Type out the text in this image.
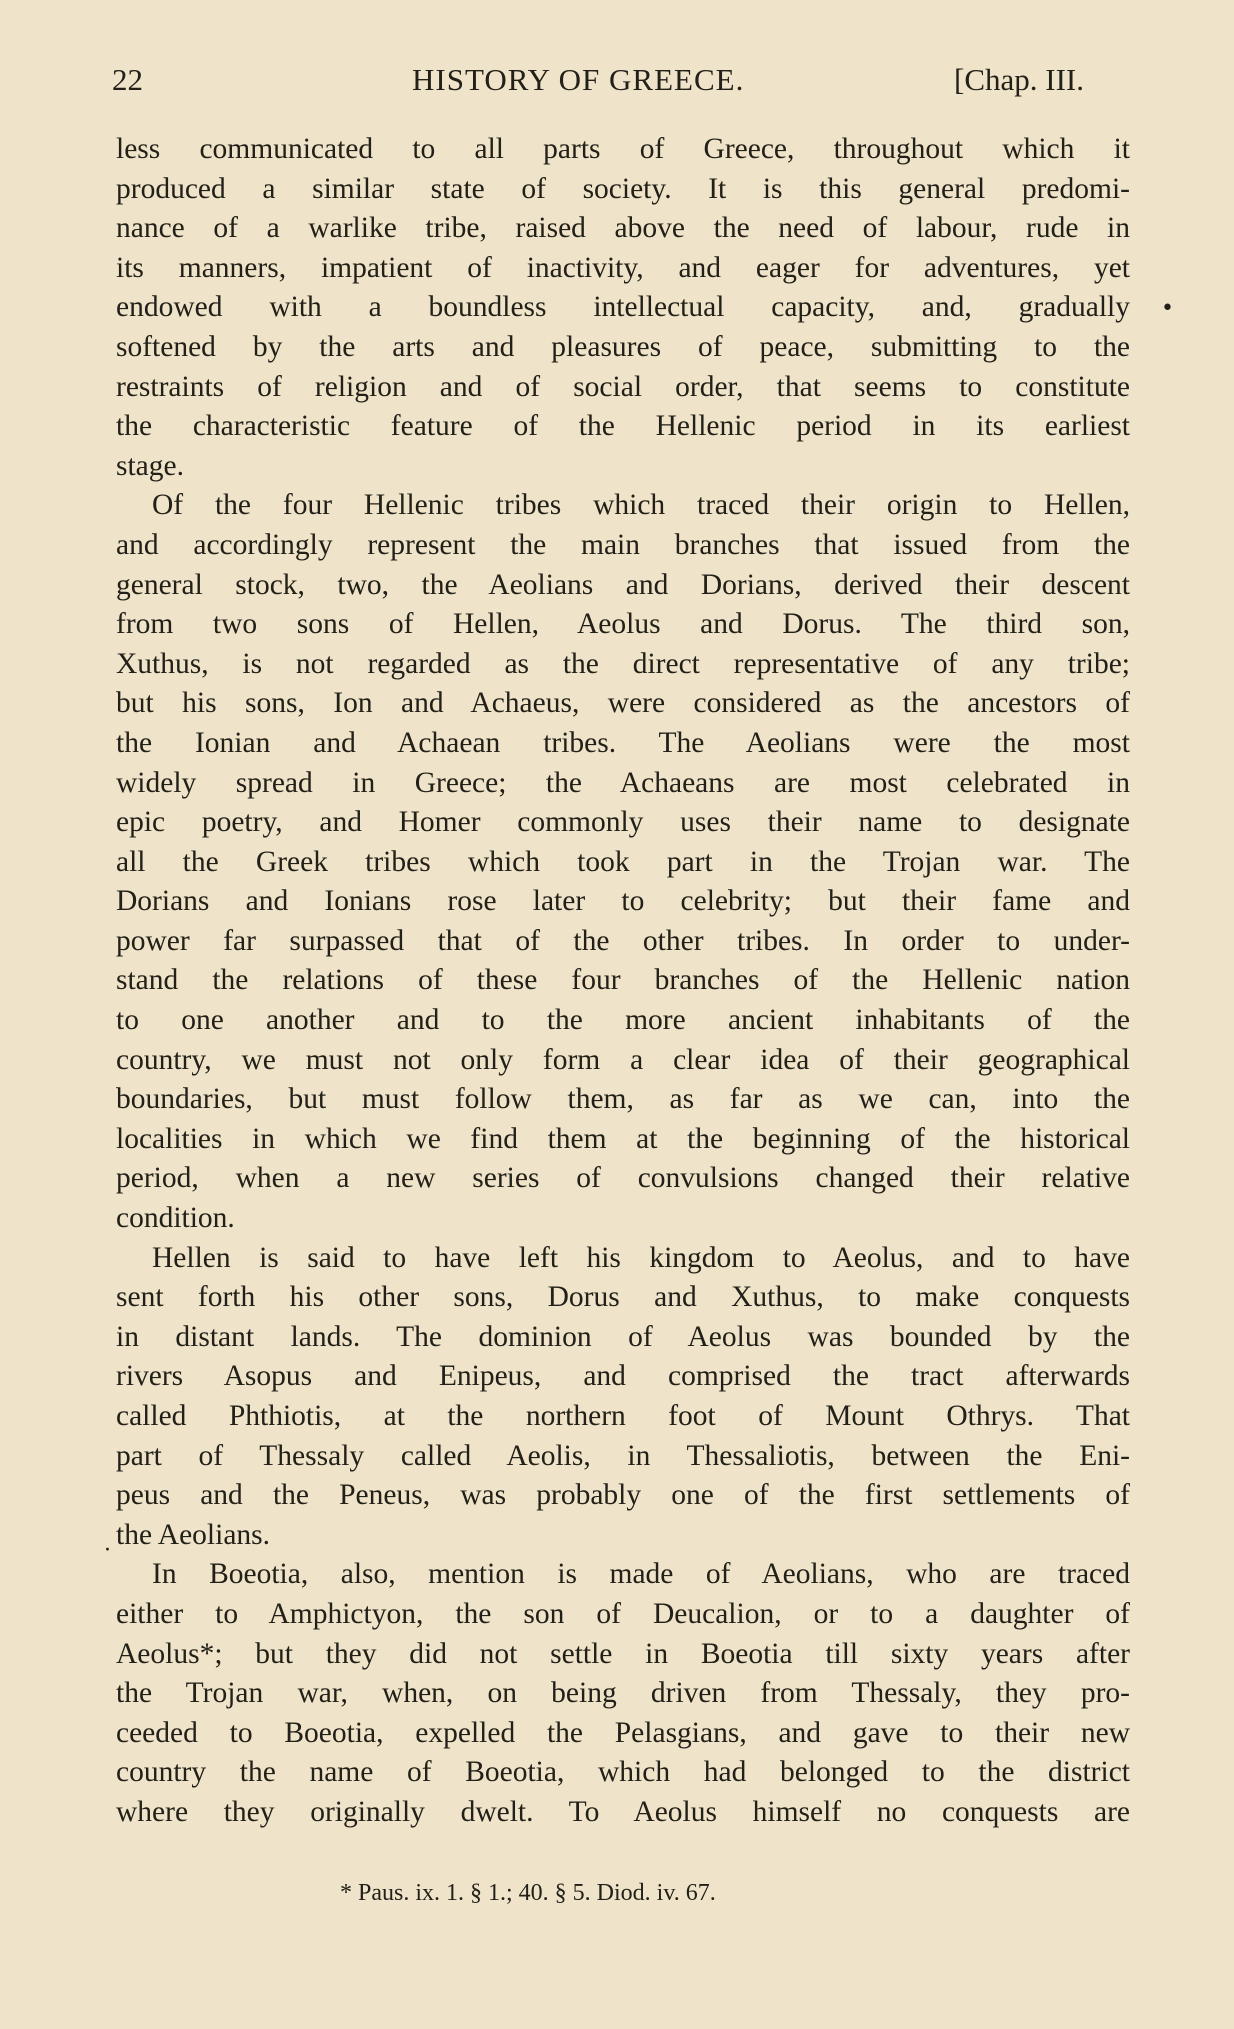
22	HISTORY OF GREECE.	[Chap. III.
less communicated to all parts of Greece, throughout which it
produced a similar state of society. It is this general predomi-
nance of a warlike tribe, raised above the need of labour, rude in
its manners, impatient of inactivity, and eager for adventures, yet
endowed with a boundless intellectual capacity, and, gradually
softened by the arts and pleasures of peace, submitting to the
restraints of religion and of social order, that seems to constitute
the characteristic feature of the Hellenic period in its earliest
stage.
Of the four Hellenic tribes which traced their origin to Hellen,
and accordingly represent the main branches that issued from the
general stock, two, the Aeolians and Dorians, derived their descent
from two sons of Hellen, Aeolus and Dorus. The third son,
Xuthus, is not regarded as the direct representative of any tribe;
but his sons, Ion and Achaeus, were considered as the ancestors of
the Ionian and Achaean tribes. The Aeolians were the most
widely spread in Greece; the Achaeans are most celebrated in
epic poetry, and Homer commonly uses their name to designate
all the Greek tribes which took part in the Trojan war. The
Dorians and Ionians rose later to celebrity; but their fame and
power far surpassed that of the other tribes. In order to under-
stand the relations of these four branches of the Hellenic nation
to one another and to the more ancient inhabitants of the
country, we must not only form a clear idea of their geographical
boundaries, but must follow them, as far as we can, into the
localities in which we find them at the beginning of the historical
period, when a new series of convulsions changed their relative
condition.
Hellen is said to have left his kingdom to Aeolus, and to have
sent forth his other sons, Dorus and Xuthus, to make conquests
in distant lands. The dominion of Aeolus was bounded by the
rivers Asopus and Enipeus, and comprised the tract afterwards
called Phthiotis, at the northern foot of Mount Othrys. That
part of Thessaly called Aeolis, in Thessaliotis, between the Eni-
peus and the Peneus, was probably one of the first settlements of
the Aeolians.
In Boeotia, also, mention is made of Aeolians, who are traced
either to Amphictyon, the son of Deucalion, or to a daughter of
Aeolus*; but they did not settle in Boeotia till sixty years after
the Trojan war, when, on being driven from Thessaly, they pro-
ceeded to Boeotia, expelled the Pelasgians, and gave to their new
country the name of Boeotia, which had belonged to the district
where they originally dwelt. To Aeolus himself no conquests are
•
·
* Paus. ix. 1. § 1.; 40. § 5. Diod. iv. 67.
